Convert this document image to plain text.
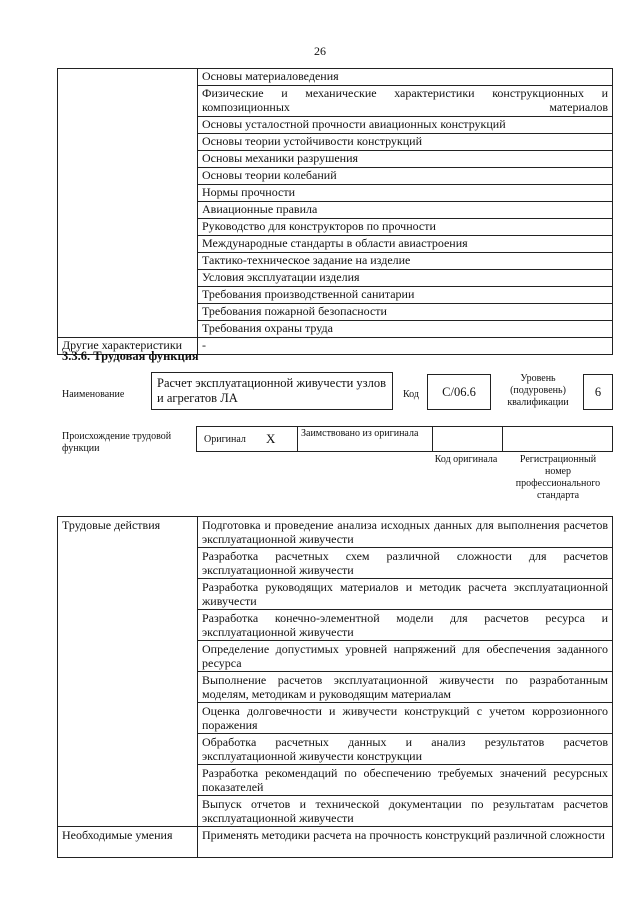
26
	Основы материаловедения
	Физические и механические характеристики конструкционных и композиционных материалов
	Основы усталостной прочности авиационных конструкций
	Основы теории устойчивости конструкций
	Основы механики разрушения
	Основы теории колебаний
	Нормы прочности
	Авиационные правила
	Руководство для конструкторов по прочности
	Международные стандарты в области авиастроения
	Тактико-техническое задание на изделие
	Условия эксплуатации изделия
	Требования производственной санитарии
	Требования пожарной безопасности
	Требования охраны труда
Другие характеристики	-
3.3.6. Трудовая функция
Наименование
Расчет эксплуатационной живучести узлов и агрегатов ЛА	Код	C/06.6
Уровень (подуровень) квалификации
6
Происхождение трудовой функции
Оригинал X	Заимствовано из оригинала
Код оригинала	Регистрационный номер профессионального стандарта
Трудовые действия	Подготовка и проведение анализа исходных данных для выполнения расчетов эксплуатационной живучести
	Разработка расчетных схем различной сложности для расчетов эксплуатационной живучести
	Разработка руководящих материалов и методик расчета эксплуатационной живучести
	Разработка конечно-элементной модели для расчетов ресурса и эксплуатационной живучести
	Определение допустимых уровней напряжений для обеспечения заданного ресурса
	Выполнение расчетов эксплуатационной живучести по разработанным моделям, методикам и руководящим материалам
	Оценка долговечности и живучести конструкций с учетом коррозионного поражения
	Обработка расчетных данных и анализ результатов расчетов эксплуатационной живучести конструкции
	Разработка рекомендаций по обеспечению требуемых значений ресурсных показателей
	Выпуск отчетов и технической документации по результатам расчетов эксплуатационной живучести
Необходимые умения	Применять методики расчета на прочность конструкций различной сложности
